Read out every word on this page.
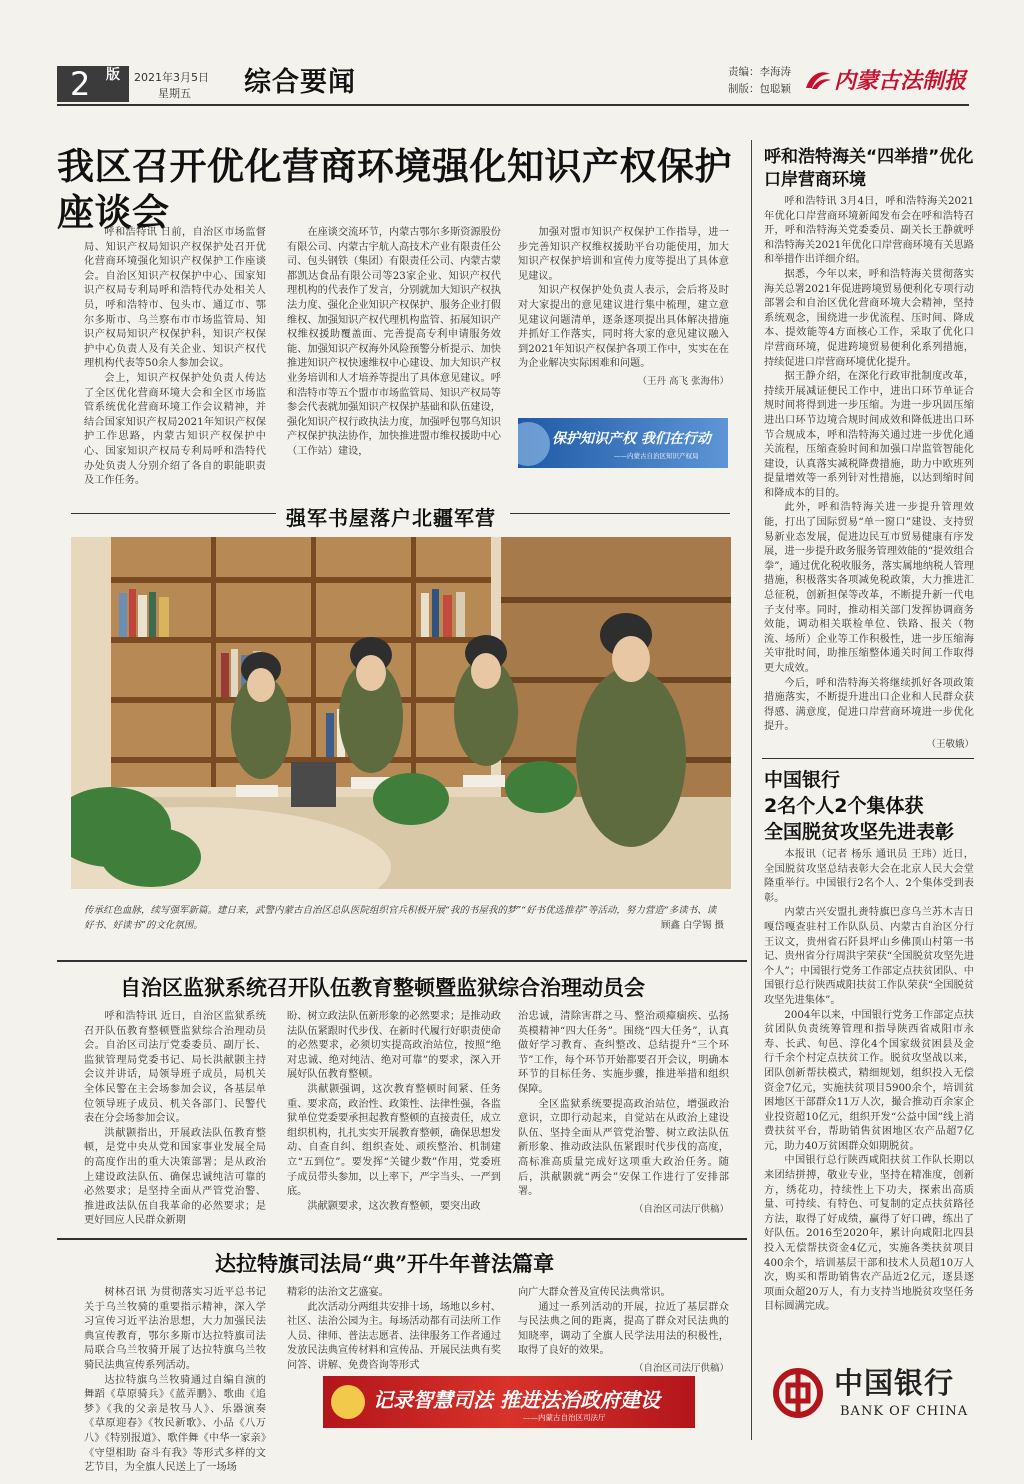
2 版 2021年3月5日
星期五 综合要闻	责编：李海涛
制版：包聪颖 内蒙古法制报
我区召开优化营商环境强化知识产权保护座谈会

呼和浩特讯 日前，自治区市场监督局、知识产权局知识产权保护处召开优化营商环境强化知识产权保护工作座谈会。自治区知识产权保护中心、国家知识产权局专利局呼和浩特代办处相关人员，呼和浩特市、包头市、通辽市、鄂尔多斯市、乌兰察布市市场监管局、知识产权局知识产权保护科，知识产权保护中心负责人及有关企业、知识产权代理机构代表等50余人参加会议。

会上，知识产权保护处负责人传达了全区优化营商环境大会和全区市场监管系统优化营商环境工作会议精神，并结合国家知识产权局2021年知识产权保护工作思路，内蒙古知识产权保护中心、国家知识产权局专利局呼和浩特代办处负责人分别介绍了各自的职能职责及工作任务。

在座谈交流环节，内蒙古鄂尔多斯资源股份有限公司、内蒙古宇航人高技术产业有限责任公司、包头钢铁（集团）有限责任公司、内蒙古蒙都凯达食品有限公司等23家企业、知识产权代理机构的代表作了发言，分别就加大知识产权执法力度、强化企业知识产权保护、服务企业打假维权、加强知识产权代理机构监管、拓展知识产权维权援助覆盖面、完善提高专利申请服务效能、加强知识产权海外风险预警分析提示、加快推进知识产权快速维权中心建设、加大知识产权业务培训和人才培养等提出了具体意见建议。呼和浩特市等五个盟市市场监管局、知识产权局等参会代表就加强知识产权保护基础和队伍建设，强化知识产权行政执法力度，加强呼包鄂乌知识产权保护执法协作，加快推进盟市维权援助中心（工作站）建设，

加强对盟市知识产权保护工作指导，进一步完善知识产权维权援助平台功能使用，加大知识产权保护培训和宣传力度等提出了具体意见建议。

知识产权保护处负责人表示，会后将及时对大家提出的意见建议进行集中梳理，建立意见建议问题清单，逐条逐项提出具体解决措施并抓好工作落实，同时将大家的意见建议融入到2021年知识产权保护各项工作中，实实在在为企业解决实际困难和问题。

（王丹 高飞 张海伟）
保护知识产权 我们在行动
——内蒙古自治区知识产权局
强军书屋落户北疆军营
传承红色血脉，续写强军新篇。建日来，武警内蒙古自治区总队医院组织官兵积极开展“我的书屋我的梦”“好书优选推荐”等活动，努力营造“多读书、读好书、好读书”的文化氛围。	顾鑫 白学锡 摄
自治区监狱系统召开队伍教育整顿暨监狱综合治理动员会

呼和浩特讯 近日，自治区监狱系统召开队伍教育整顿暨监狱综合治理动员会。自治区司法厅党委委员、副厅长、监狱管理局党委书记、局长洪献颢主持会议并讲话，局领导班子成员，局机关全体民警在主会场参加会议，各基层单位领导班子成员、机关各部门、民警代表在分会场参加会议。

洪献颢指出，开展政法队伍教育整顿，是党中央从党和国家事业发展全局的高度作出的重大决策部署；是从政治上建设政法队伍、确保忠诚纯洁可靠的必然要求；是坚持全面从严管党治警、推进政法队伍自我革命的必然要求；是更好回应人民群众新期

盼、树立政法队伍新形象的必然要求；是推动政法队伍紧跟时代步伐、在新时代履行好职责使命的必然要求，必须切实提高政治站位，按照“绝对忠诚、绝对纯洁、绝对可靠”的要求，深入开展好队伍教育整顿。

洪献颢强调，这次教育整顿时间紧、任务重、要求高，政治性、政策性、法律性强，各监狱单位党委要承担起教育整顿的直接责任，成立组织机构，扎扎实实开展教育整顿，确保思想发动、自查自纠、组织查处、顽疾整治、机制建立“五到位”。要发挥“关键少数”作用，党委班子成员带头参加，以上率下，严字当头、一严到底。

洪献颢要求，这次教育整顿，要突出政

治忠诚，清除害群之马、整治顽瘴痼疾、弘扬英模精神“四大任务”。围绕“四大任务”，认真做好学习教育、查纠整改、总结提升“三个环节”工作，每个环节开始都要召开会议，明确本环节的目标任务、实施步骤，推进举措和组织保障。

全区监狱系统要提高政治站位，增强政治意识，立即行动起来，自觉站在从政治上建设队伍、坚持全面从严管党治警、树立政法队伍新形象、推动政法队伍紧跟时代步伐的高度，高标准高质量完成好这项重大政治任务。随后，洪献颢就“两会”安保工作进行了安排部署。

（自治区司法厅供稿）
达拉特旗司法局“典”开牛年普法篇章

树林召讯 为贯彻落实习近平总书记关于乌兰牧骑的重要指示精神，深入学习宣传习近平法治思想，大力加强民法典宣传教育，鄂尔多斯市达拉特旗司法局联合乌兰牧骑开展了达拉特旗乌兰牧骑民法典宣传系列活动。

达拉特旗乌兰牧骑通过自编自演的舞蹈《草原骑兵》《蓝弄鹏》、歌曲《追梦》《我的父亲是牧马人》、乐器演奏《草原迎春》《牧民新歌》、小品《八万八》《特别报道》、歌伴舞《中华一家亲》《守望相助 奋斗有我》等形式多样的文艺节目，为全旗人民送上了一场场

精彩的法治文艺盛宴。

此次活动分两组共安排十场，场地以乡村、社区、法治公园为主。每场活动都有司法所工作人员、律师、普法志愿者、法律服务工作者通过发放民法典宣传材料和宣传品、开展民法典有奖问答、讲解、免费咨询等形式

向广大群众普及宣传民法典常识。

通过一系列活动的开展，拉近了基层群众与民法典之间的距离，提高了群众对民法典的知晓率，调动了全旗人民学法用法的积极性，取得了良好的效果。

（自治区司法厅供稿）
记录智慧司法 推进法治政府建设
——内蒙古自治区司法厅
呼和浩特海关“四举措”优化口岸营商环境

呼和浩特讯 3月4日，呼和浩特海关2021年优化口岸营商环境新闻发布会在呼和浩特召开，呼和浩特海关党委委员、副关长王静就呼和浩特海关2021年优化口岸营商环境有关思路和举措作出详细介绍。

据悉，今年以来，呼和浩特海关贯彻落实海关总署2021年促进跨境贸易便利化专项行动部署会和自治区优化营商环境大会精神，坚持系统观念，围绕进一步优流程、压时间、降成本、提效能等4方面核心工作，采取了优化口岸营商环境，促进跨境贸易便利化系列措施，持续促进口岸营商环境优化提升。

据王静介绍，在深化行政审批制度改革，持续开展减证便民工作中，进出口环节单证合规时间将得到进一步压缩。为进一步巩固压缩进出口环节边境合规时间成效和降低进出口环节合规成本，呼和浩特海关通过进一步优化通关流程，压缩查验时间和加强口岸监管智能化建设，认真落实减税降费措施，助力中欧班列提量增效等一系列针对性措施，以达到缩时间和降成本的目的。

此外，呼和浩特海关进一步提升管理效能，打出了国际贸易“单一窗口”建设、支持贸易新业态发展，促进边民互市贸易健康有序发展，进一步提升政务服务管理效能的“提效组合拳”，通过优化税收服务，落实属地纳税人管理措施，积极落实各项减免税政策，大力推进汇总征税，创新担保等改革，不断提升新一代电子支付率。同时，推动相关部门发挥协调商务效能，调动相关联检单位、铁路、报关（物流、场所）企业等工作积极性，进一步压缩海关审批时间，助推压缩整体通关时间工作取得更大成效。

今后，呼和浩特海关将继续抓好各项政策措施落实，不断提升进出口企业和人民群众获得感、满意度，促进口岸营商环境进一步优化提升。

（王敬娥）
中国银行
2名个人2个集体获
全国脱贫攻坚先进表彰

本报讯（记者 杨乐 通讯员 王玮）近日，全国脱贫攻坚总结表彰大会在北京人民大会堂隆重举行。中国银行2名个人、2个集体受到表彰。

内蒙古兴安盟扎赉特旗巴彦乌兰苏木吉日嘎岱嘎查驻村工作队队员、内蒙古自治区分行王议文，贵州省石阡县坪山乡佛顶山村第一书记、贵州省分行周洪宇荣获“全国脱贫攻坚先进个人”；中国银行党务工作部定点扶贫团队、中国银行总行陕西咸阳扶贫工作队荣获“全国脱贫攻坚先进集体”。

2004年以来，中国银行党务工作部定点扶贫团队负责统筹管理和指导陕西省咸阳市永寿、长武、旬邑、淳化4个国家级贫困县及金行千余个村定点扶贫工作。脱贫攻坚战以来，团队创新帮扶模式，精细规划，组织投入无偿资金7亿元，实施扶贫项目5900余个，培训贫困地区干部群众11万人次，撮合推动百余家企业投资超10亿元，组织开发“公益中国”线上消费扶贫平台，帮助销售贫困地区农产品超7亿元，助力40万贫困群众如期脱贫。

中国银行总行陕西咸阳扶贫工作队长期以来团结拼搏，敬业专业，坚持在精准度，创新方，绣花功，持续性上下功夫，探索出高质量、可持续、有特色、可复制的定点扶贫路径方法，取得了好成绩，赢得了好口碑，练出了好队伍。2016至2020年，累计向咸阳北四县投入无偿帮扶资金4亿元，实施各类扶贫项目400余个，培训基层干部和技术人员超10万人次，购买和帮助销售农产品近2亿元，逐县逐项面众超20万人，有力支持当地脱贫攻坚任务目标圆满完成。

中国银行
BANK OF CHINA
